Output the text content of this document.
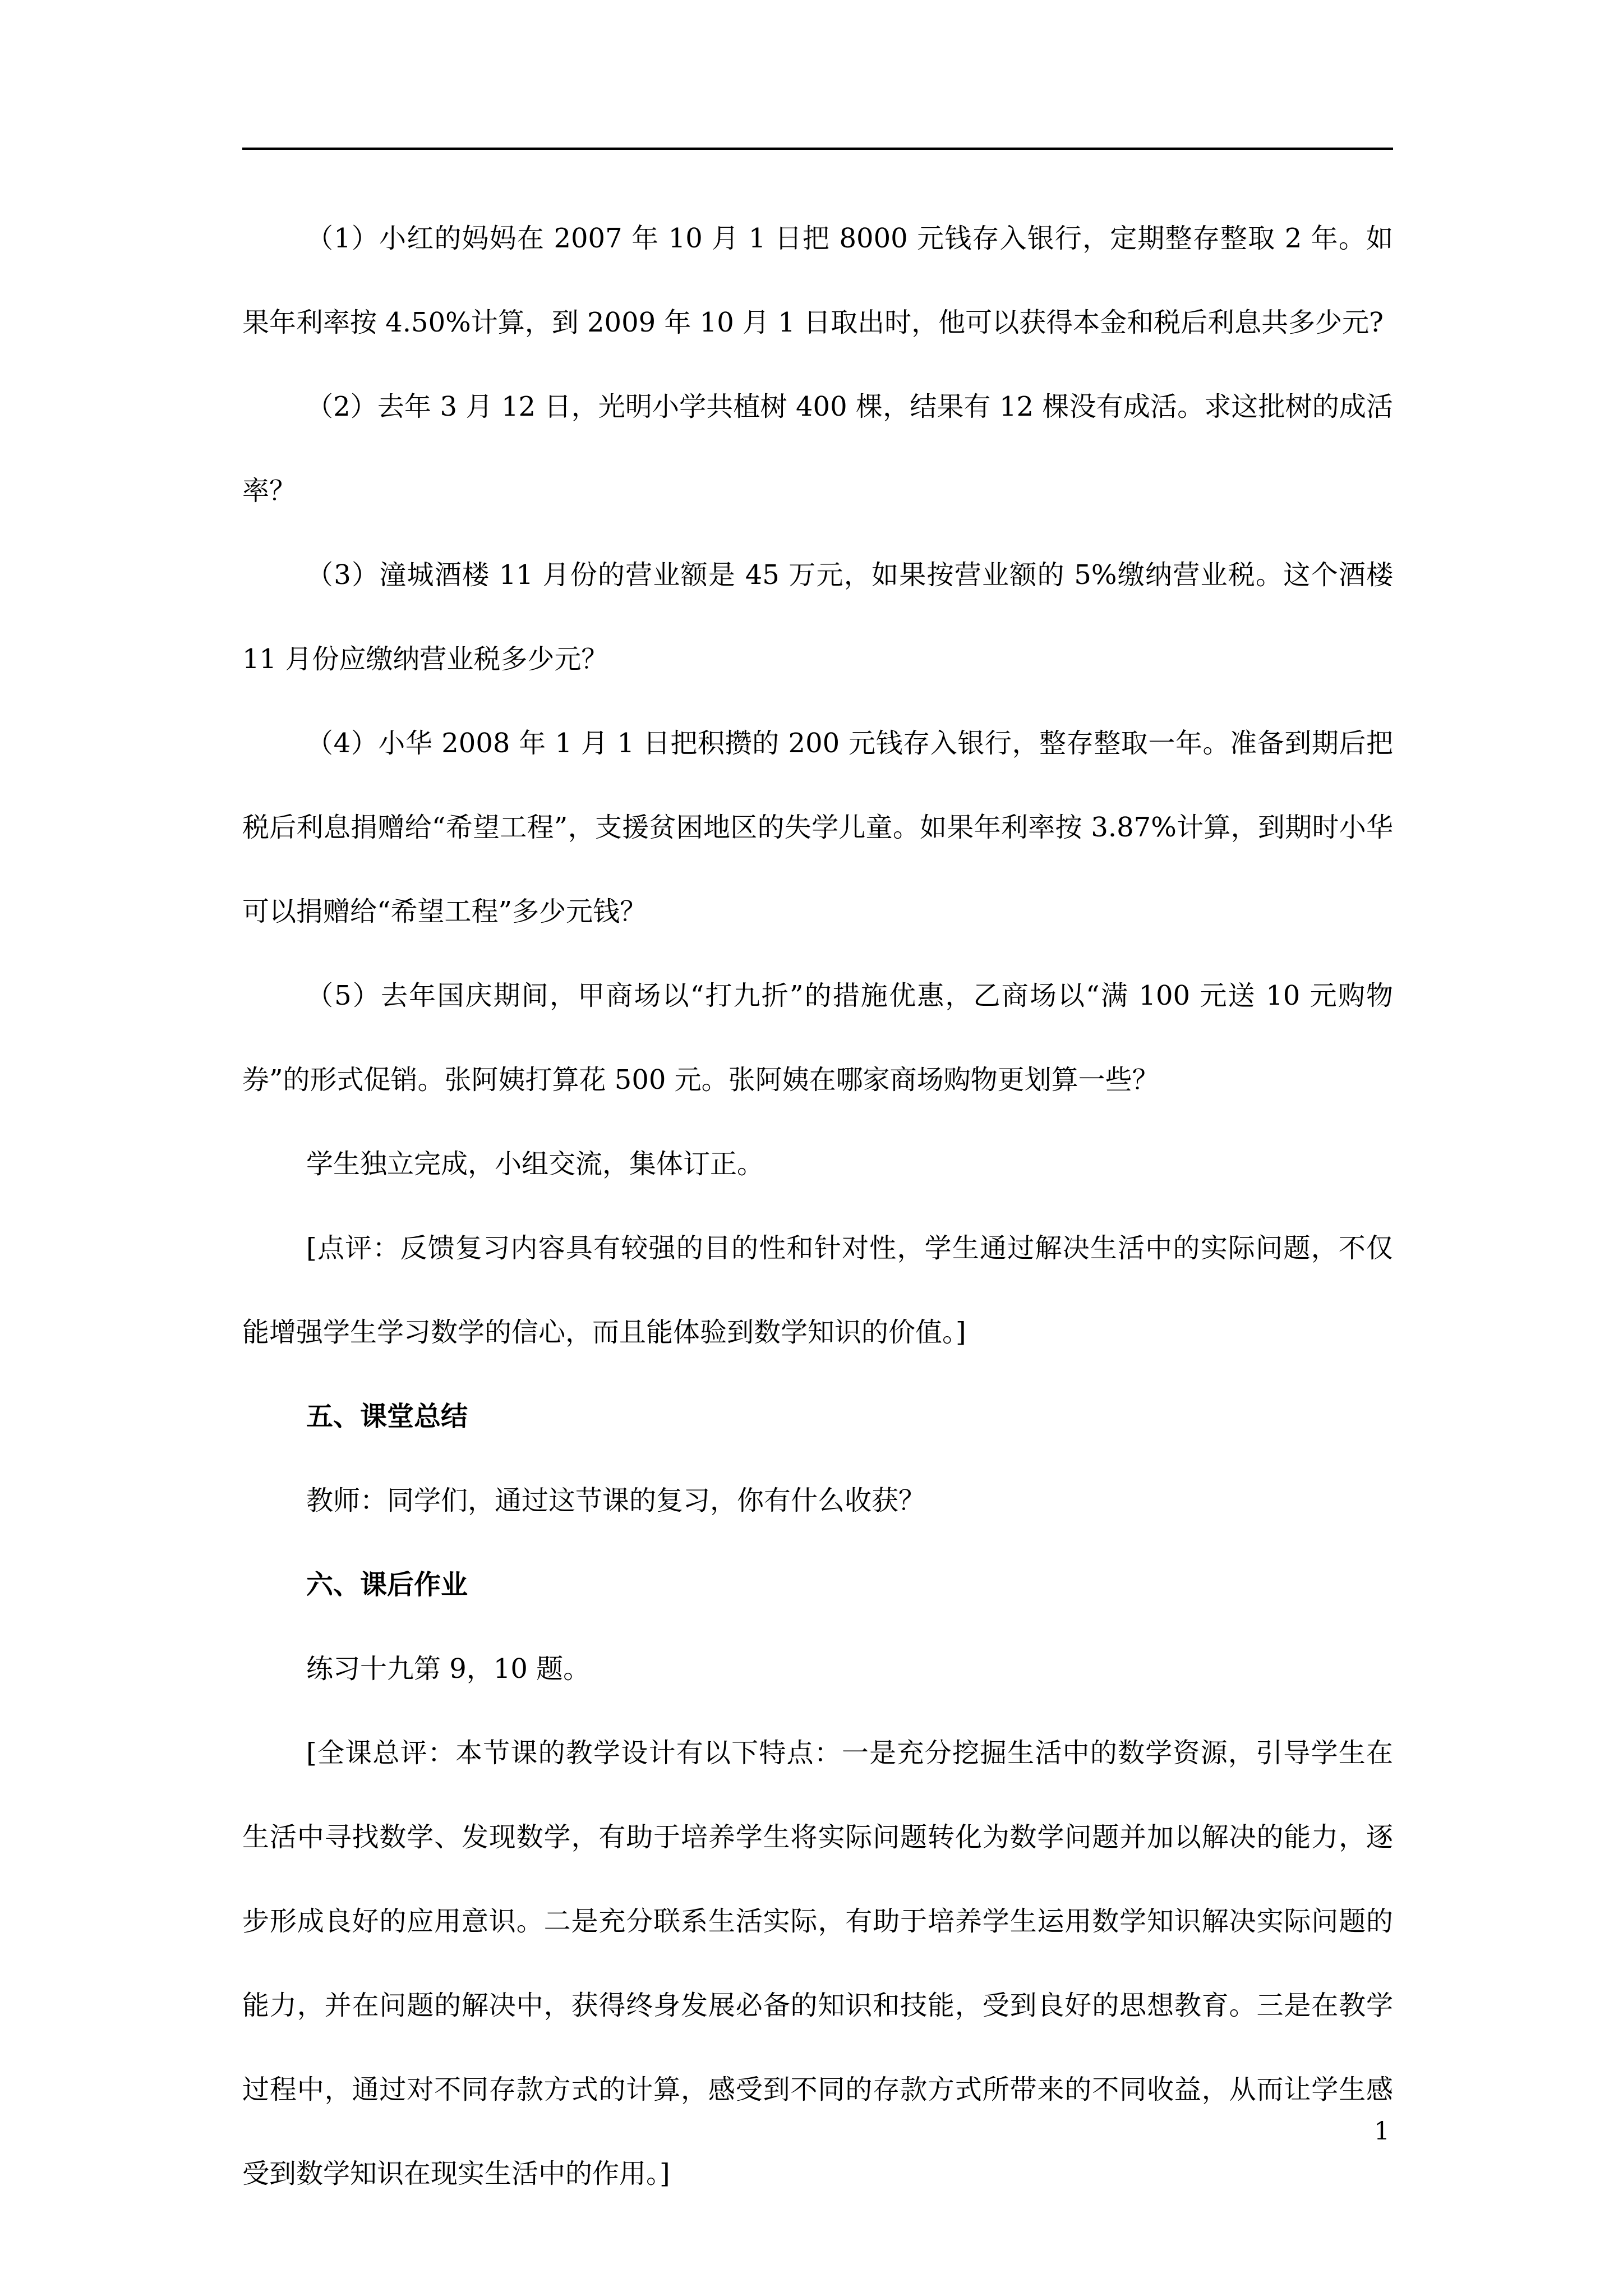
（1）小红的妈妈在 2007 年 10 月 1 日把 8000 元钱存入银行，定期整存整取 2 年。如果年利率按 4.50%计算，到 2009 年 10 月 1 日取出时，他可以获得本金和税后利息共多少元?

（2）去年 3 月 12 日，光明小学共植树 400 棵，结果有 12 棵没有成活。求这批树的成活率？

（3）潼城酒楼 11 月份的营业额是 45 万元，如果按营业额的 5%缴纳营业税。这个酒楼 11 月份应缴纳营业税多少元？

（4）小华 2008 年 1 月 1 日把积攒的 200 元钱存入银行，整存整取一年。准备到期后把税后利息捐赠给“希望工程”，支援贫困地区的失学儿童。如果年利率按 3.87%计算，到期时小华可以捐赠给“希望工程”多少元钱？

（5）去年国庆期间，甲商场以“打九折”的措施优惠，乙商场以“满 100 元送 10 元购物券”的形式促销。张阿姨打算花 500 元。张阿姨在哪家商场购物更划算一些？

学生独立完成，小组交流，集体订正。

[点评：反馈复习内容具有较强的目的性和针对性，学生通过解决生活中的实际问题，不仅能增强学生学习数学的信心，而且能体验到数学知识的价值。]

五、课堂总结

教师：同学们，通过这节课的复习，你有什么收获？

六、课后作业

练习十九第 9，10 题。

[全课总评：本节课的教学设计有以下特点：一是充分挖掘生活中的数学资源，引导学生在生活中寻找数学、发现数学，有助于培养学生将实际问题转化为数学问题并加以解决的能力，逐步形成良好的应用意识。二是充分联系生活实际，有助于培养学生运用数学知识解决实际问题的能力，并在问题的解决中，获得终身发展必备的知识和技能，受到良好的思想教育。三是在教学过程中，通过对不同存款方式的计算，感受到不同的存款方式所带来的不同收益，从而让学生感受到数学知识在现实生活中的作用。]

1
